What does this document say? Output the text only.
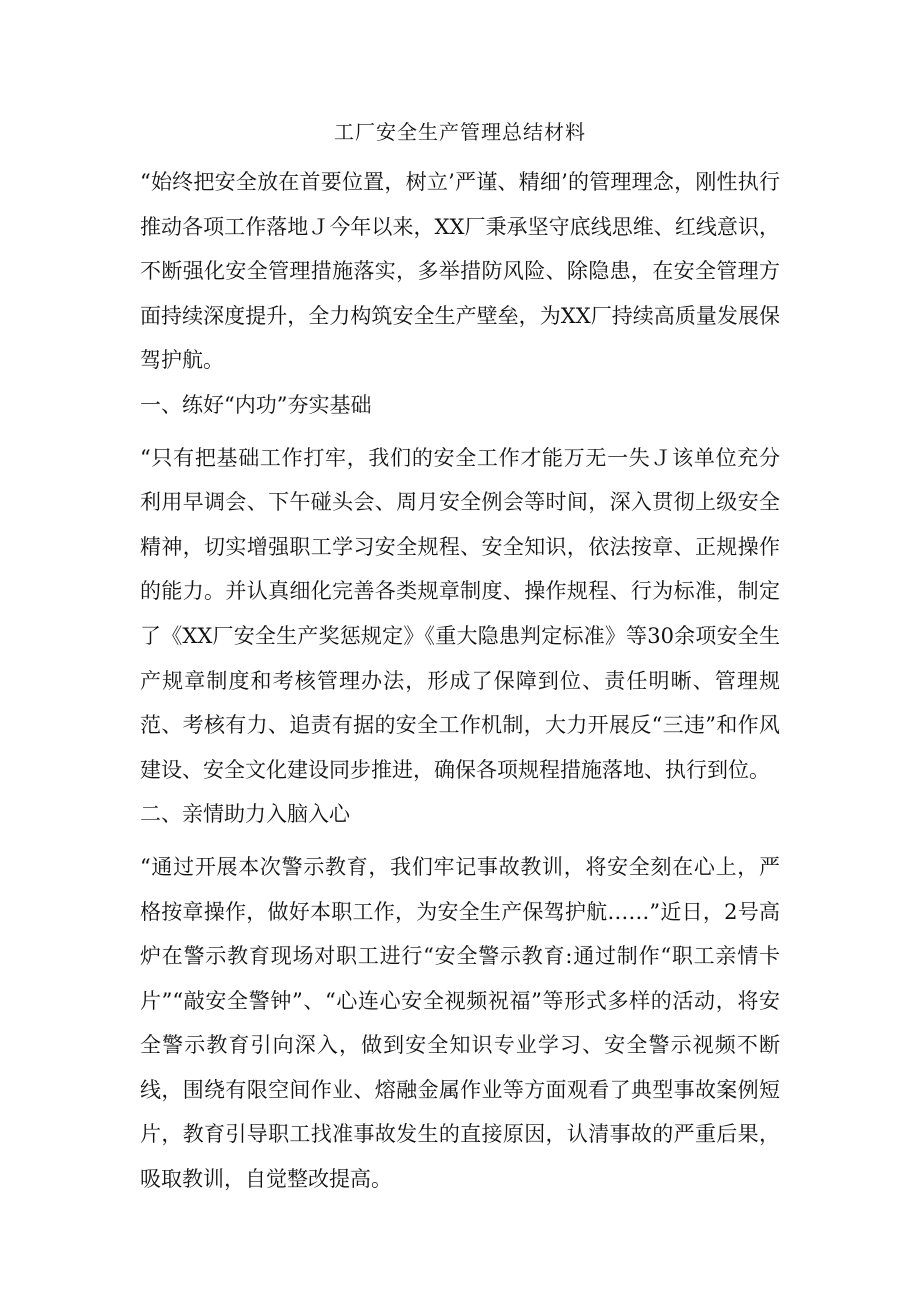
工厂安全生产管理总结材料

“始终把安全放在首要位置，树立’严谨、精细’的管理理念，刚性执行推动各项工作落地Ｊ今年以来，XX厂秉承坚守底线思维、红线意识，不断强化安全管理措施落实，多举措防风险、除隐患，在安全管理方面持续深度提升，全力构筑安全生产壁垒，为XX厂持续高质量发展保驾护航。

一、练好“内功”夯实基础

“只有把基础工作打牢，我们的安全工作才能万无一失Ｊ该单位充分利用早调会、下午碰头会、周月安全例会等时间，深入贯彻上级安全精神，切实增强职工学习安全规程、安全知识，依法按章、正规操作的能力。并认真细化完善各类规章制度、操作规程、行为标准，制定了《XX厂安全生产奖惩规定》《重大隐患判定标准》等30余项安全生产规章制度和考核管理办法，形成了保障到位、责任明晰、管理规范、考核有力、追责有据的安全工作机制，大力开展反“三违”和作风建设、安全文化建设同步推进，确保各项规程措施落地、执行到位。

二、亲情助力入脑入心

“通过开展本次警示教育，我们牢记事故教训，将安全刻在心上，严格按章操作，做好本职工作，为安全生产保驾护航……”近日，2号高炉在警示教育现场对职工进行“安全警示教育:通过制作“职工亲情卡片”“敲安全警钟”、“心连心安全视频祝福”等形式多样的活动，将安全警示教育引向深入，做到安全知识专业学习、安全警示视频不断线，围绕有限空间作业、熔融金属作业等方面观看了典型事故案例短片，教育引导职工找准事故发生的直接原因，认清事故的严重后果，吸取教训，自觉整改提高。
